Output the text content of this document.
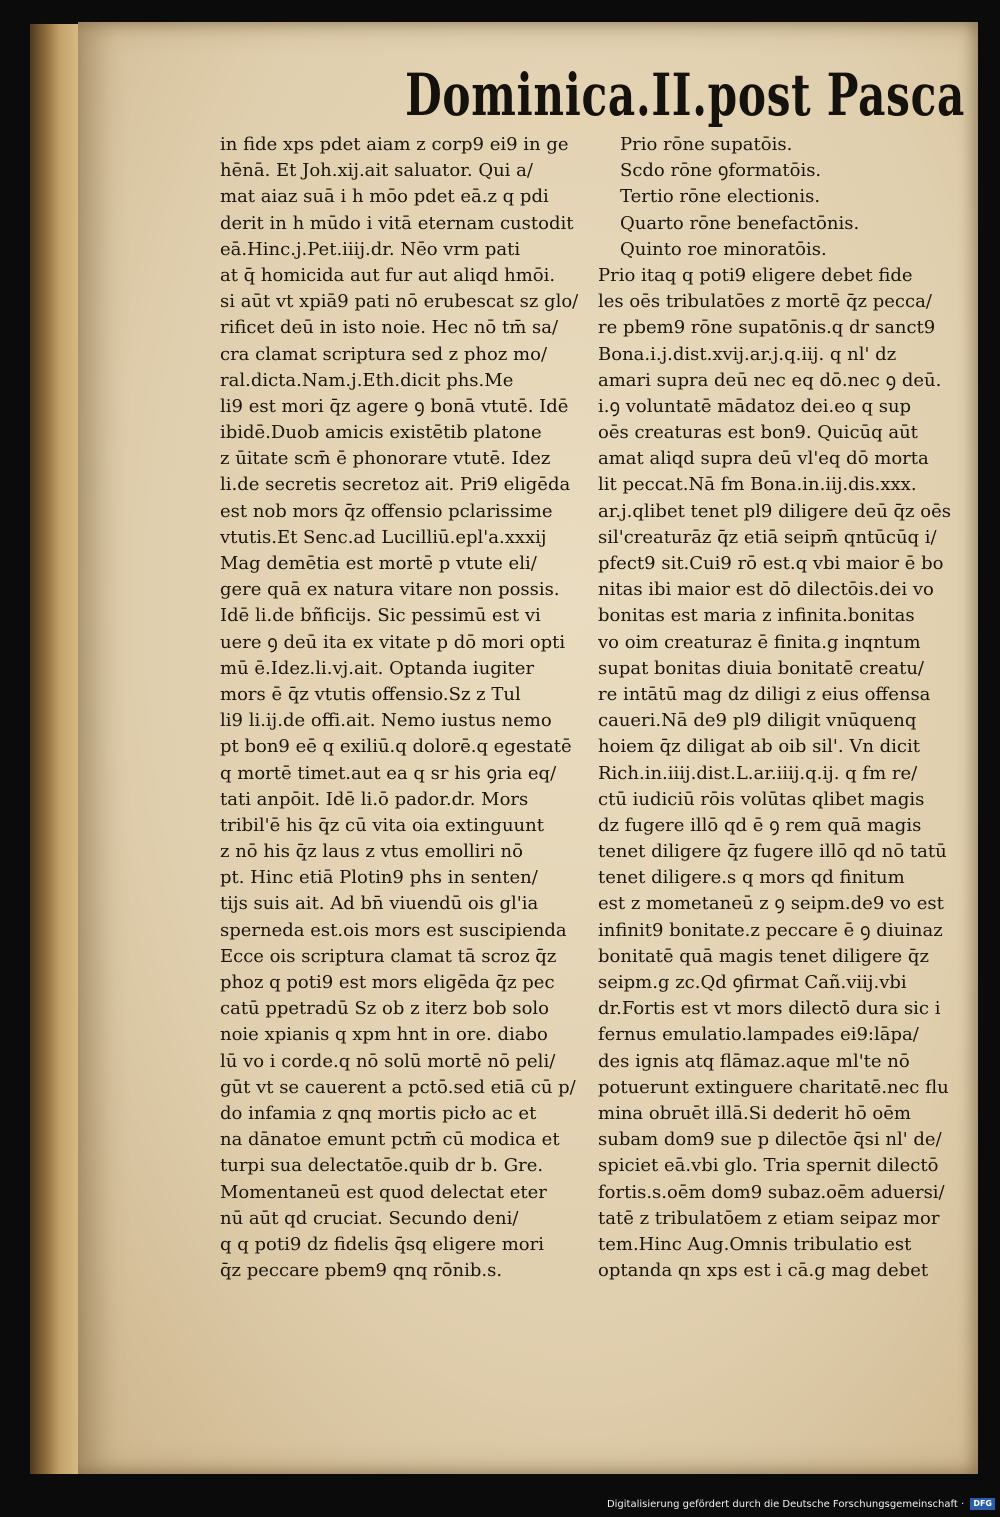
Dominica.II.post Pasca
in fide xps pdet aiam z corp9 ei9 in ge
hēnā. Et Joh.xij.ait saluator. Qui a/
mat aiaz suā i h mōo pdet eā.z q pdi
derit in h mūdo i vitā eternam custodit
eā.Hinc.j.Pet.iiij.dr. Nēo vrm pati
at q̄ homicida aut fur aut aliqd hmōi.
si aūt vt xpiā9 pati nō erubescat sz glo/
rificet deū in isto noie. Hec nō tm̄ sa/
cra clamat scriptura sed z phoz mo/
ral.dicta.Nam.j.Eth.dicit phs.Me
li9 est mori q̄z agere ꝯ bonā vtutē. Idē
ibidē.Duob amicis existētib platone
z ūitate scm̄ ē phonorare vtutē. Idez
li.de secretis secretoz ait. Pri9 eligēda
est nob mors q̄z offensio pclarissime
vtutis.Et Senc.ad Lucilliū.epl'a.xxxij
Mag demētia est mortē p vtute eli/
gere quā ex natura vitare non possis.
Idē li.de bñficijs. Sic pessimū est vi
uere ꝯ deū ita ex vitate p dō mori opti
mū ē.Idez.li.vj.ait. Optanda iugiter
mors ē q̄z vtutis offensio.Sz z Tul
li9 li.ij.de offi.ait. Nemo iustus nemo
pt bon9 eē q exiliū.q dolorē.q egestatē
q mortē timet.aut ea q sr his ꝯria eq/
tati anpōit. Idē li.ō pador.dr. Mors
tribil'ē his q̄z cū vita oia extinguunt
z nō his q̄z laus z vtus emolliri nō
pt. Hinc etiā Plotin9 phs in senten/
tijs suis ait. Ad bn̄ viuendū ois gl'ia
sperneda est.ois mors est suscipienda
Ecce ois scriptura clamat tā scroz q̄z
phoz q poti9 est mors eligēda q̄z pec
catū ppetradū Sz ob z iterz bob solo
noie xpianis q xpm hnt in ore. diabo
lū vo i corde.q nō solū mortē nō peli/
gūt vt se cauerent a pctō.sed etiā cū p/
do infamia z qnq mortis picło ac et
na dānatoe emunt pctm̄ cū modica et
turpi sua delectatōe.quib dr b. Gre.
Momentaneū est quod delectat eter
nū aūt qd cruciat. Secundo deni/
q q poti9 dz fidelis q̄sq eligere mori
q̄z peccare pbem9 qnq rōnib.s.
Prio rōne supatōis.
Scdo rōne ꝯformatōis.
Tertio rōne electionis.
Quarto rōne benefactōnis.
Quinto roe minoratōis.
Prio itaq q poti9 eligere debet fide
les oēs tribulatōes z mortē q̄z pecca/
re pbem9 rōne supatōnis.q dr sanct9
Bona.i.j.dist.xvij.ar.j.q.iij. q nl' dz
amari supra deū nec eq dō.nec ꝯ deū.
i.ꝯ voluntatē mādatoz dei.eo q sup
oēs creaturas est bon9. Quicūq aūt
amat aliqd supra deū vl'eq dō morta
lit peccat.Nā fm Bona.in.iij.dis.xxx.
ar.j.qlibet tenet pl9 diligere deū q̄z oēs
sil'creaturāz q̄z etiā seipm̄ qntūcūq i/
pfect9 sit.Cui9 rō est.q vbi maior ē bo
nitas ibi maior est dō dilectōis.dei vo
bonitas est maria z infinita.bonitas
vo oim creaturaz ē finita.g inqntum
supat bonitas diuia bonitatē creatu/
re intātū mag dz diligi z eius offensa
caueri.Nā de9 pl9 diligit vnūquenq
hoiem q̄z diligat ab oib sil'. Vn dicit
Rich.in.iiij.dist.L.ar.iiij.q.ij. q fm re/
ctū iudiciū rōis volūtas qlibet magis
dz fugere illō qd ē ꝯ rem quā magis
tenet diligere q̄z fugere illō qd nō tatū
tenet diligere.s q mors qd finitum
est z mometaneū z ꝯ seipm.de9 vo est
infinit9 bonitate.z peccare ē ꝯ diuinaz
bonitatē quā magis tenet diligere q̄z
seipm.g zc.Qd ꝯfirmat Cañ.viij.vbi
dr.Fortis est vt mors dilectō dura sic i
fernus emulatio.lampades ei9:lāpa/
des ignis atq flāmaz.aque ml'te nō
potuerunt extinguere charitatē.nec flu
mina obruēt illā.Si dederit hō oēm
subam dom9 sue p dilectōe q̄si nl' de/
spiciet eā.vbi glo. Tria spernit dilectō
fortis.s.oēm dom9 subaz.oēm aduersi/
tatē z tribulatōem z etiam seipaz mor
tem.Hinc Aug.Omnis tribulatio est
optanda qn xps est i cā.g mag debet
Digitalisierung gefördert durch die Deutsche Forschungsgemeinschaft · DFG
